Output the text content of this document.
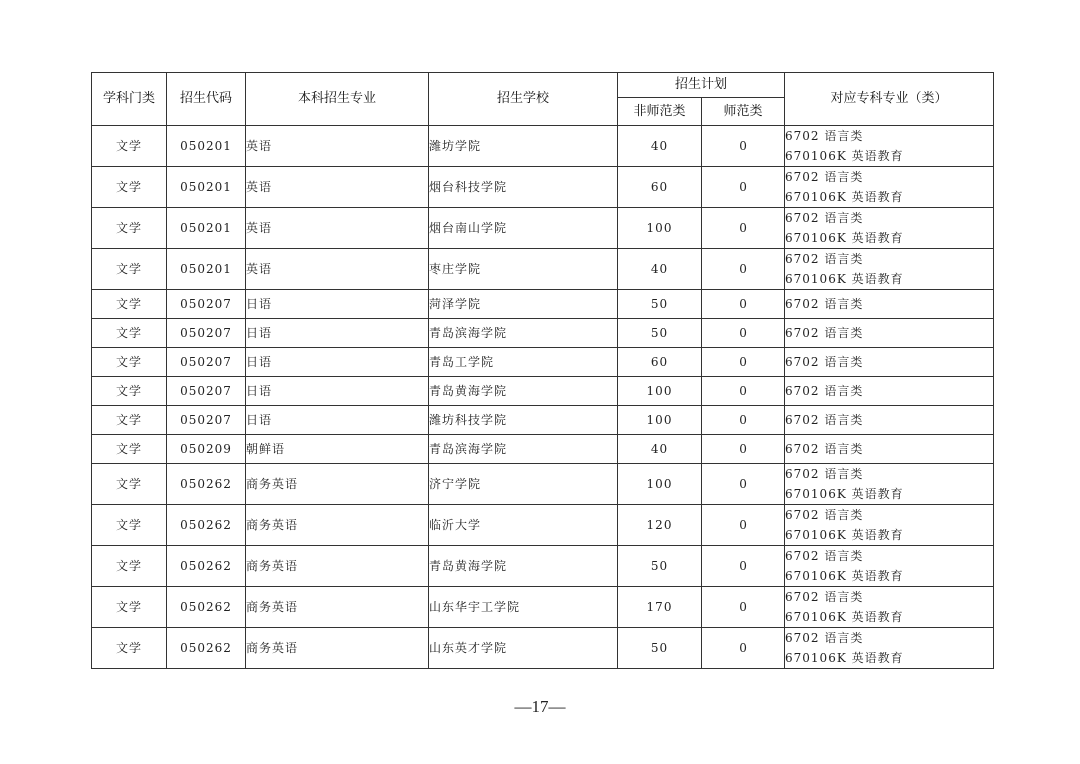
学科门类	招生代码	本科招生专业	招生学校	招生计划		对应专科专业（类）
				非师范类	师范类	
文学	050201	英语	潍坊学院	40	0	6702 语言类
670106K 英语教育

文学	050201	英语	烟台科技学院	60	0	6702 语言类
670106K 英语教育

文学	050201	英语	烟台南山学院	100	0	6702 语言类
670106K 英语教育

文学	050201	英语	枣庄学院	40	0	6702 语言类
670106K 英语教育

文学	050207	日语	菏泽学院	50	0	6702 语言类

文学	050207	日语	青岛滨海学院	50	0	6702 语言类

文学	050207	日语	青岛工学院	60	0	6702 语言类

文学	050207	日语	青岛黄海学院	100	0	6702 语言类

文学	050207	日语	潍坊科技学院	100	0	6702 语言类

文学	050209	朝鲜语	青岛滨海学院	40	0	6702 语言类

文学	050262	商务英语	济宁学院	100	0	6702 语言类
670106K 英语教育

文学	050262	商务英语	临沂大学	120	0	6702 语言类
670106K 英语教育

文学	050262	商务英语	青岛黄海学院	50	0	6702 语言类
670106K 英语教育

文学	050262	商务英语	山东华宇工学院	170	0	6702 语言类
670106K 英语教育

文学	050262	商务英语	山东英才学院	50	0	6702 语言类
670106K 英语教育
—17—
